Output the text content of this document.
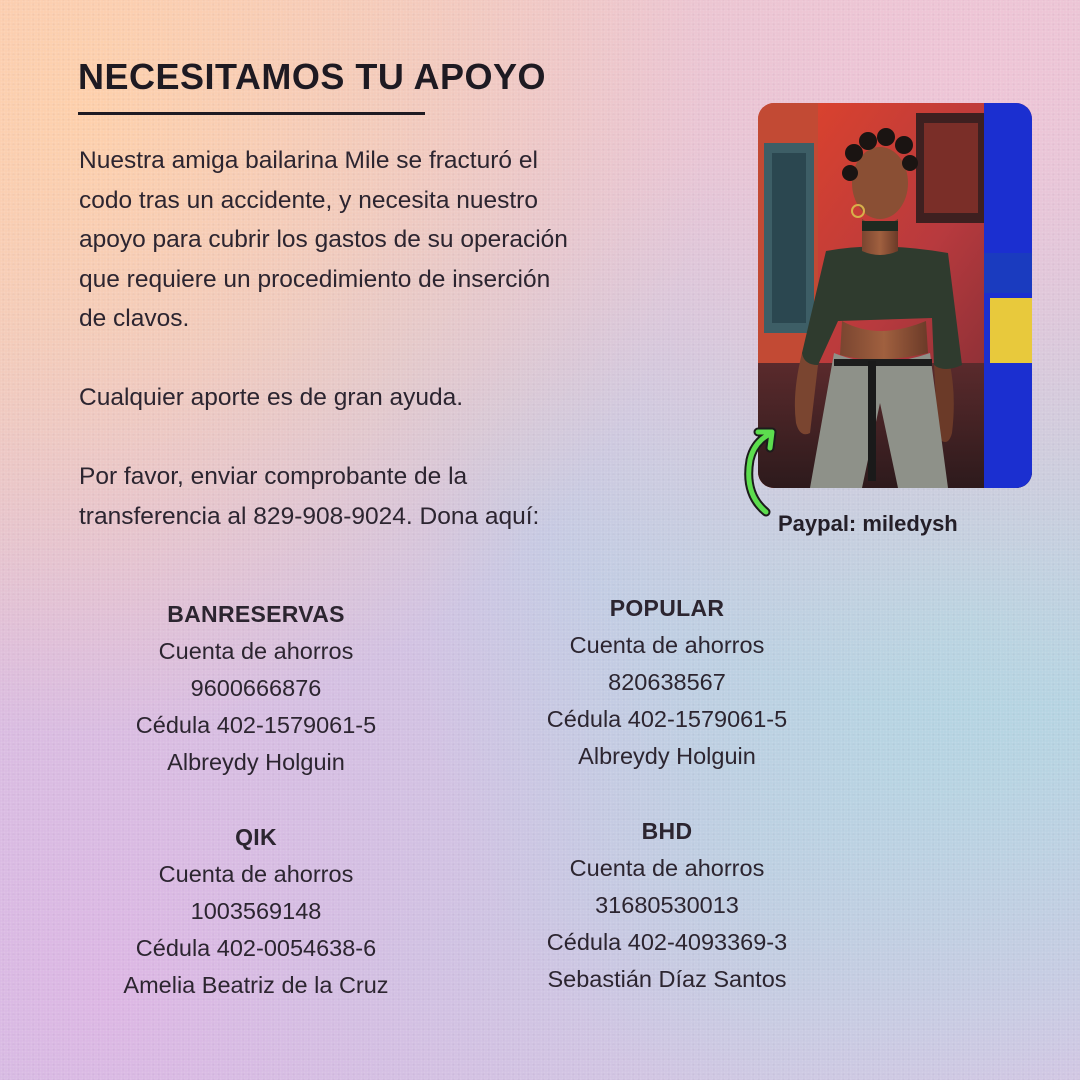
NECESITAMOS TU APOYO

Nuestra amiga bailarina Mile se fracturó el
codo tras un accidente, y necesita nuestro
apoyo para cubrir los gastos de su operación
que requiere un procedimiento de inserción
de clavos.

Cualquier aporte es de gran ayuda.

Por favor, enviar comprobante de la
transferencia al 829-908-9024. Dona aquí:	Paypal: miledysh

BANRESERVAS
Cuenta de ahorros
9600666876
Cédula 402-1579061-5
Albreydy Holguin
POPULAR
Cuenta de ahorros
820638567
Cédula 402-1579061-5
Albreydy Holguin
QIK
Cuenta de ahorros
1003569148
Cédula 402-0054638-6
Amelia Beatriz de la Cruz
BHD
Cuenta de ahorros
31680530013
Cédula 402-4093369-3
Sebastián Díaz Santos
